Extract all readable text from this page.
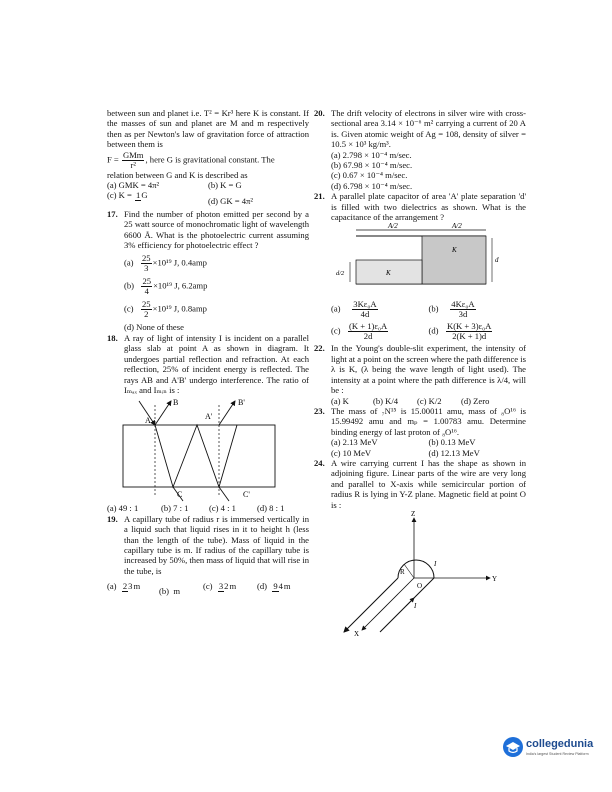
between sun and planet i.e. T² = Kr³ here K is constant. If the masses of sun and planet are M and m respectively then as per Newton's law of gravitation force of attraction between them is

$F = \frac{\text{GMm}}{\text{r²}}$ , here G is gravitational constant. The

relation between G and K is described as

(a) GMK = 4π²	(b) K = G
(c) K = 1G
(d) GK = 4π²
17. Find the number of photon emitted per second by a 25 watt source of monochromatic light of wavelength 6600 Å. What is the photoelectric current assuming 3% efficiency for photoelectric effect ?
$(a) \frac{25}{3} \times 10^{19}$ J, 0.4amp
$(b) \frac{25}{4} \times 10^{19}$ J, 6.2amp
$(c) \frac{25}{2} \times 10^{19}$ J, 0.8amp
(d) None of these
18. A ray of light of intensity I is incident on a parallel glass slab at point A as shown in diagram. It undergoes partial reflection and refraction. At each reflection, 25% of incident energy is reflected. The rays AB and A'B' undergo interference. The ratio of Iₘₐₓ and Iₘᵢₙ is :
B	B'
A	A'
C	C'
(a) 49 : 1	(b) 7 : 1	(c) 4 : 1	(d) 8 : 1
19. A capillary tube of radius r is immersed vertically in a liquid such that liquid rises in it to height h (less than the length of the tube). Mass of liquid in the capillary tube is m. If radius of the capillary tube is increased by 50%, then mass of liquid that will rise in the tube, is
(a) 23m	(b) m	(c) 32m	(d) 94m
20. The drift velocity of electrons in silver wire with cross-sectional area 3.14 × 10⁻⁶ m² carrying a current of 20 A is. Given atomic weight of Ag = 108, density of silver = 10.5 × 10³ kg/m³.
(a) 2.798 × 10⁻⁴ m/sec.
(b) 67.98 × 10⁻⁴ m/sec.
(c) 0.67 × 10⁻⁴ m/sec.
(d) 6.798 × 10⁻⁴ m/sec.
21. A parallel plate capacitor of area 'A' plate separation 'd' is filled with two dielectrics as shown. What is the capacitance of the arrangement ?
A/2	A/2
K
K
d
d/2
$(a) \frac{\text{3Kε₀A}}{4d}$	$(b) \frac{\text{4Kε₀A}}{3d}$
$(c) \frac{\text{(K + 1)ε₀A}}{2d}$	$(d) \frac{\text{K(K + 3)ε₀A}}{2(K + 1)d}$
22. In the Young's double-slit experiment, the intensity of light at a point on the screen where the path difference is λ is K, (λ being the wave length of light used). The intensity at a point where the path difference is λ/4, will be :
(a) K	(b) K/4	(c) K/2	(d) Zero
23. The mass of ₇N¹⁵ is 15.00011 amu, mass of ₈O¹⁶ is 15.99492 amu and mₚ = 1.00783 amu. Determine binding energy of last proton of ₈O¹⁶.
(a) 2.13 MeV	(b) 0.13 MeV
(c) 10 MeV	(d) 12.13 MeV
24. A wire carrying current I has the shape as shown in adjoining figure. Linear parts of the wire are very long and parallel to X-axis while semicircular portion of radius R is lying in Y-Z plane. Magnetic field at point O is :
Z
Y
X
R
O
I
I
collegedunia
India's largest Student Review Platform
